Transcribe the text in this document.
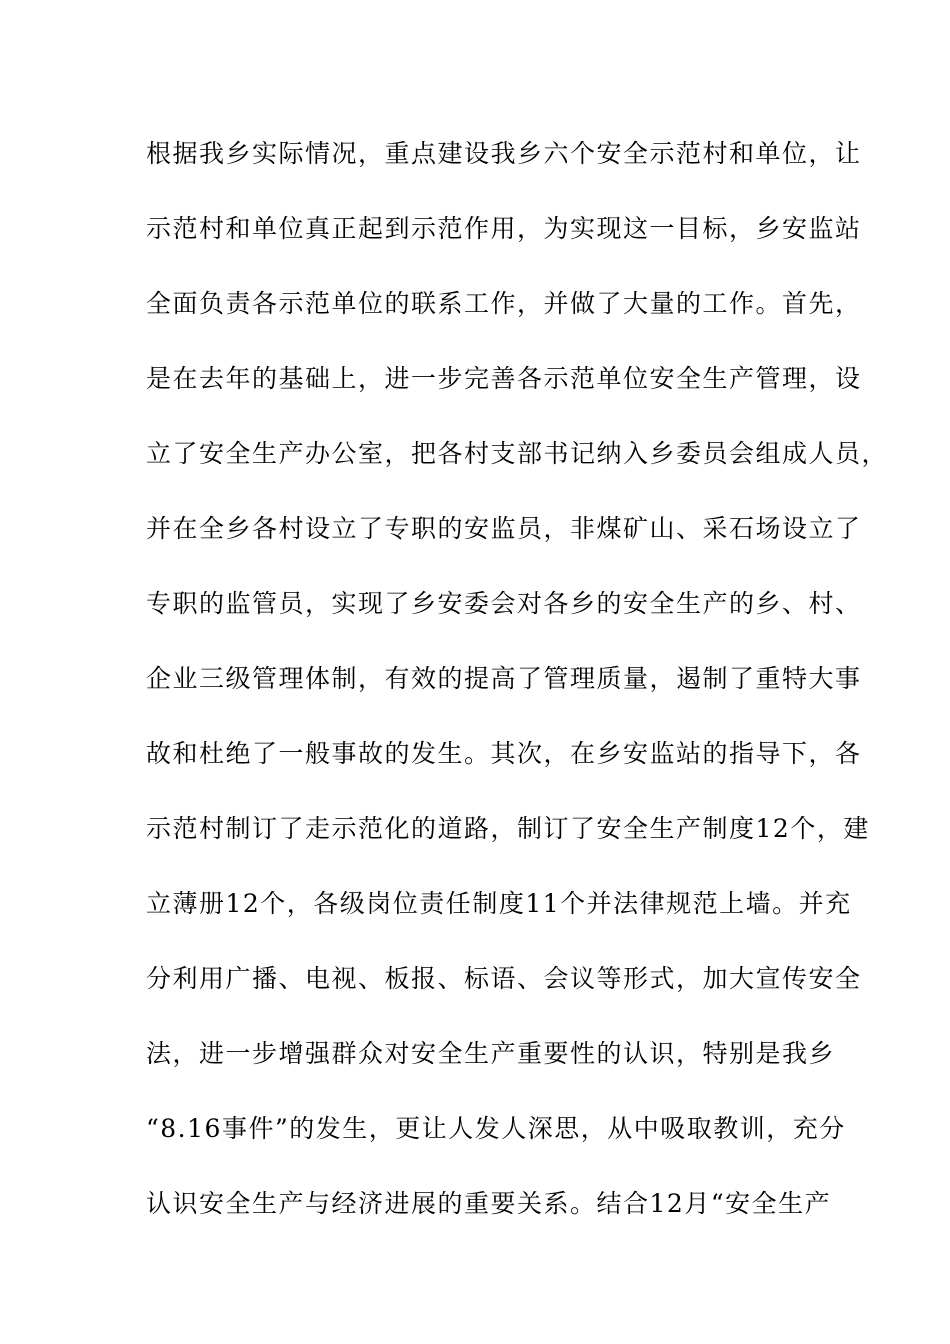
根据我乡实际情况，重点建设我乡六个安全示范村和单位，让
示范村和单位真正起到示范作用，为实现这一目标，乡安监站
全面负责各示范单位的联系工作，并做了大量的工作。首先，
是在去年的基础上，进一步完善各示范单位安全生产管理，设
立了安全生产办公室，把各村支部书记纳入乡委员会组成人员，
并在全乡各村设立了专职的安监员，非煤矿山、采石场设立了
专职的监管员，实现了乡安委会对各乡的安全生产的乡、村、
企业三级管理体制，有效的提高了管理质量，遏制了重特大事
故和杜绝了一般事故的发生。其次，在乡安监站的指导下，各
示范村制订了走示范化的道路，制订了安全生产制度12个，建
立薄册12个，各级岗位责任制度11个并法律规范上墙。并充
分利用广播、电视、板报、标语、会议等形式，加大宣传安全
法，进一步增强群众对安全生产重要性的认识，特别是我乡
“8.16事件”的发生，更让人发人深思，从中吸取教训，充分
认识安全生产与经济进展的重要关系。结合12月“安全生产
